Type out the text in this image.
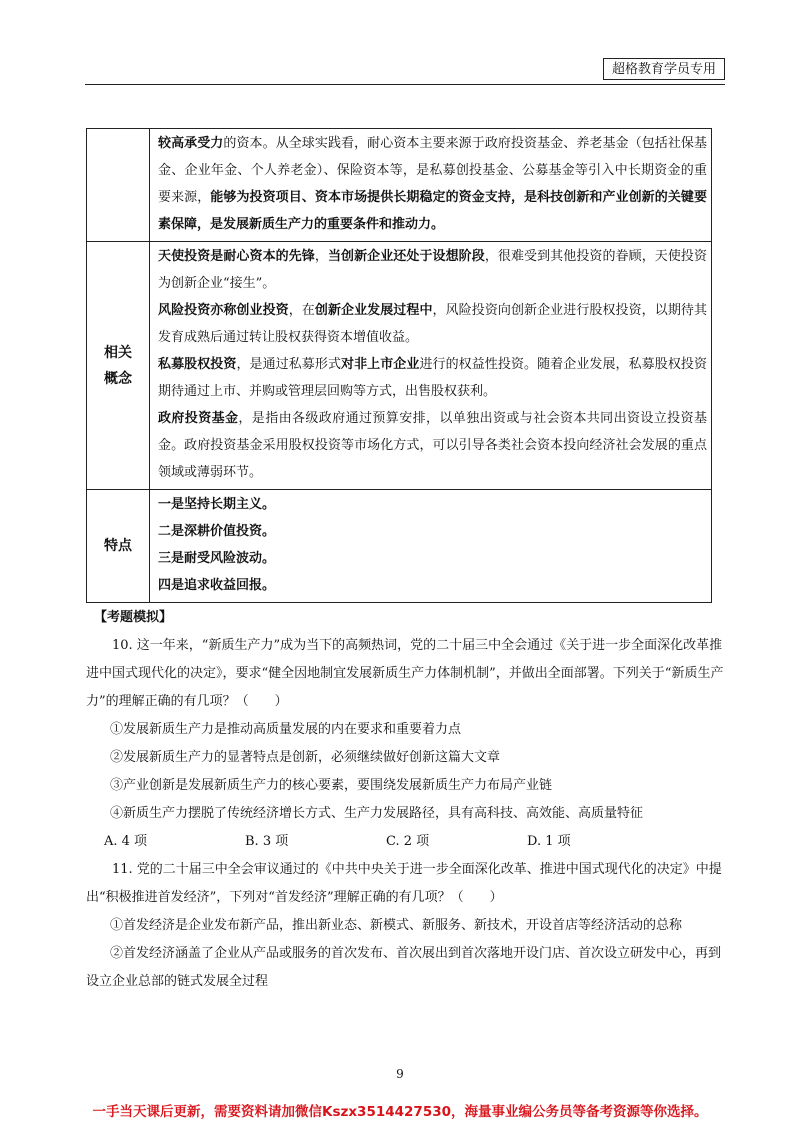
超格教育学员专用

	较高承受力的资本。从全球实践看，耐心资本主要来源于政府投资基金、养老基金（包括社保基金、企业年金、个人养老金）、保险资本等，是私募创投基金、公募基金等引入中长期资金的重要来源，能够为投资项目、资本市场提供长期稳定的资金支持，是科技创新和产业创新的关键要素保障，是发展新质生产力的重要条件和推动力。

相关概念	天使投资是耐心资本的先锋，当创新企业还处于设想阶段，很难受到其他投资的眷顾，天使投资为创新企业“接生”。

风险投资亦称创业投资，在创新企业发展过程中，风险投资向创新企业进行股权投资，以期待其发育成熟后通过转让股权获得资本增值收益。

私募股权投资，是通过私募形式对非上市企业进行的权益性投资。随着企业发展，私募股权投资期待通过上市、并购或管理层回购等方式，出售股权获利。

政府投资基金，是指由各级政府通过预算安排，以单独出资或与社会资本共同出资设立投资基金。政府投资基金采用股权投资等市场化方式，可以引导各类社会资本投向经济社会发展的重点领域或薄弱环节。

特点	一是坚持长期主义。

二是深耕价值投资。

三是耐受风险波动。

四是追求收益回报。

【考题模拟】

10. 这一年来，“新质生产力”成为当下的高频热词，党的二十届三中全会通过《关于进一步全面深化改革推进中国式现代化的决定》，要求“健全因地制宜发展新质生产力体制机制”，并做出全面部署。下列关于“新质生产力”的理解正确的有几项？（　　）

①发展新质生产力是推动高质量发展的内在要求和重要着力点

②发展新质生产力的显著特点是创新，必须继续做好创新这篇大文章

③产业创新是发展新质生产力的核心要素，要围绕发展新质生产力布局产业链

④新质生产力摆脱了传统经济增长方式、生产力发展路径，具有高科技、高效能、高质量特征

A. 4 项	B. 3 项	C. 2 项	D. 1 项

11. 党的二十届三中全会审议通过的《中共中央关于进一步全面深化改革、推进中国式现代化的决定》中提出“积极推进首发经济”，下列对“首发经济”理解正确的有几项？（　　）

①首发经济是企业发布新产品，推出新业态、新模式、新服务、新技术，开设首店等经济活动的总称

②首发经济涵盖了企业从产品或服务的首次发布、首次展出到首次落地开设门店、首次设立研发中心，再到设立企业总部的链式发展全过程

9
一手当天课后更新，需要资料请加微信Kszx3514427530，海量事业编公务员等备考资源等你选择。
